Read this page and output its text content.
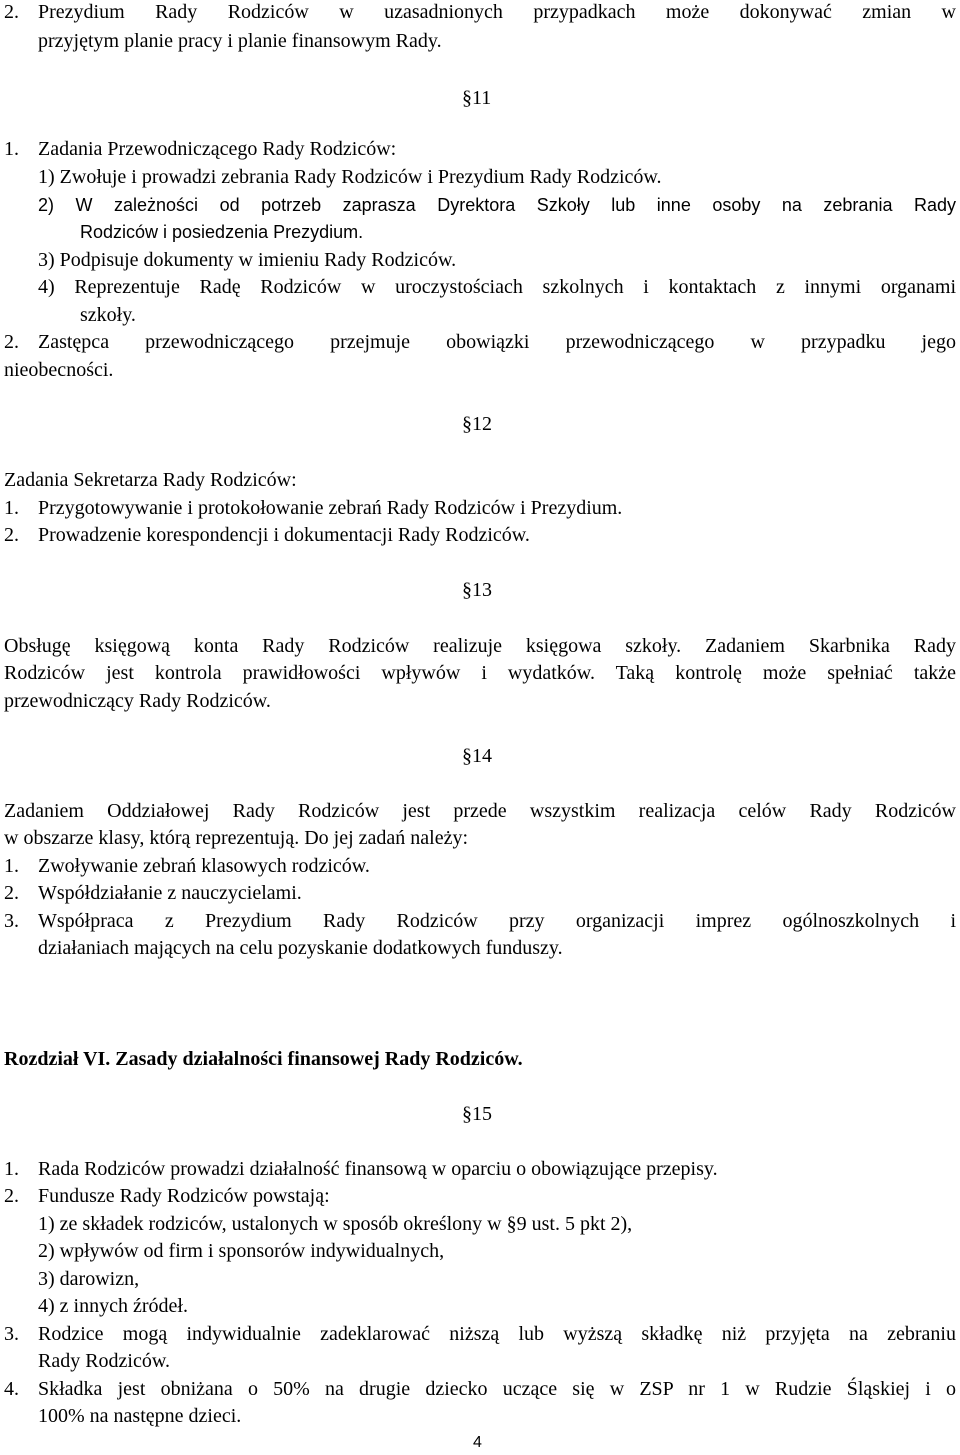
2. Prezydium Rady Rodziców w uzasadnionych przypadkach może dokonywać zmian w
przyjętym planie pracy i planie finansowym Rady.
§11
1. Zadania Przewodniczącego Rady Rodziców:
1) Zwołuje i prowadzi zebrania Rady Rodziców i Prezydium Rady Rodziców.
2) W zależności od potrzeb zaprasza Dyrektora Szkoły lub inne osoby na zebrania Rady
Rodziców i posiedzenia Prezydium.
3) Podpisuje dokumenty w imieniu Rady Rodziców.
4) Reprezentuje Radę Rodziców w uroczystościach szkolnych i kontaktach z innymi organami
szkoły.
2. Zastępca przewodniczącego przejmuje obowiązki przewodniczącego w przypadku jego
nieobecności.
§12
Zadania Sekretarza Rady Rodziców:
1. Przygotowywanie i protokołowanie zebrań Rady Rodziców i Prezydium.
2. Prowadzenie korespondencji i dokumentacji Rady Rodziców.
§13
Obsługę księgową konta Rady Rodziców realizuje księgowa szkoły. Zadaniem Skarbnika Rady
Rodziców jest kontrola prawidłowości wpływów i wydatków. Taką kontrolę może spełniać także
przewodniczący Rady Rodziców.
§14
Zadaniem Oddziałowej Rady Rodziców jest przede wszystkim realizacja celów Rady Rodziców
w obszarze klasy, którą reprezentują. Do jej zadań należy:
1. Zwoływanie zebrań klasowych rodziców.
2. Współdziałanie z nauczycielami.
3. Współpraca z Prezydium Rady Rodziców przy organizacji imprez ogólnoszkolnych i
działaniach mających na celu pozyskanie dodatkowych funduszy.
Rozdział VI. Zasady działalności finansowej Rady Rodziców.
§15
1. Rada Rodziców prowadzi działalność finansową w oparciu o obowiązujące przepisy.
2. Fundusze Rady Rodziców powstają:
1) ze składek rodziców, ustalonych w sposób określony w §9 ust. 5 pkt 2),
2) wpływów od firm i sponsorów indywidualnych,
3) darowizn,
4) z innych źródeł.
3. Rodzice mogą indywidualnie zadeklarować niższą lub wyższą składkę niż przyjęta na zebraniu
Rady Rodziców.
4. Składka jest obniżana o 50% na drugie dziecko uczące się w ZSP nr 1 w Rudzie Śląskiej i o
100% na następne dzieci.
4
